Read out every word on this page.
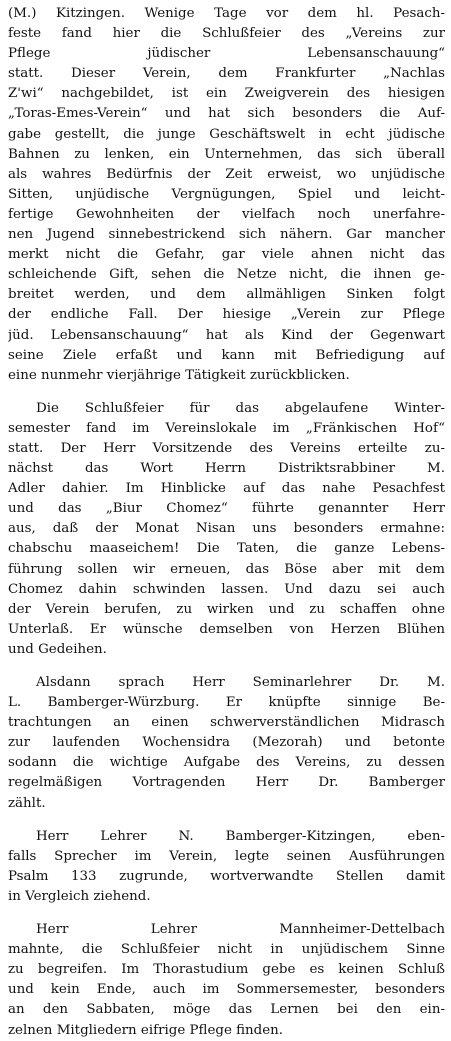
(M.) Kitzingen. Wenige Tage vor dem hl. Pesach-
feste fand hier die Schlußfeier des „Vereins zur
Pflege jüdischer Lebensanschauung“
statt. Dieser Verein, dem Frankfurter „Nachlas
Z'wi“ nachgebildet, ist ein Zweigverein des hiesigen
„Toras-Emes-Verein“ und hat sich besonders die Auf-
gabe gestellt, die junge Geschäftswelt in echt jüdische
Bahnen zu lenken, ein Unternehmen, das sich überall
als wahres Bedürfnis der Zeit erweist, wo unjüdische
Sitten, unjüdische Vergnügungen, Spiel und leicht-
fertige Gewohnheiten der vielfach noch unerfahre-
nen Jugend sinnebestrickend sich nähern. Gar mancher
merkt nicht die Gefahr, gar viele ahnen nicht das
schleichende Gift, sehen die Netze nicht, die ihnen ge-
breitet werden, und dem allmähligen Sinken folgt
der endliche Fall. Der hiesige „Verein zur Pflege
jüd. Lebensanschauung“ hat als Kind der Gegenwart
seine Ziele erfaßt und kann mit Befriedigung auf
eine nunmehr vierjährige Tätigkeit zurückblicken.
Die Schlußfeier für das abgelaufene Winter-
semester fand im Vereinslokale im „Fränkischen Hof“
statt. Der Herr Vorsitzende des Vereins erteilte zu-
nächst das Wort Herrn Distriktsrabbiner M.
Adler dahier. Im Hinblicke auf das nahe Pesachfest
und das „Biur Chomez“ führte genannter Herr
aus, daß der Monat Nisan uns besonders ermahne:
chabschu maaseichem! Die Taten, die ganze Lebens-
führung sollen wir erneuen, das Böse aber mit dem
Chomez dahin schwinden lassen. Und dazu sei auch
der Verein berufen, zu wirken und zu schaffen ohne
Unterlaß. Er wünsche demselben von Herzen Blühen
und Gedeihen.
Alsdann sprach Herr Seminarlehrer Dr. M.
L. Bamberger-Würzburg. Er knüpfte sinnige Be-
trachtungen an einen schwerverständlichen Midrasch
zur laufenden Wochensidra (Mezorah) und betonte
sodann die wichtige Aufgabe des Vereins, zu dessen
regelmäßigen Vortragenden Herr Dr. Bamberger
zählt.
Herr Lehrer N. Bamberger-Kitzingen, eben-
falls Sprecher im Verein, legte seinen Ausführungen
Psalm 133 zugrunde, wortverwandte Stellen damit
in Vergleich ziehend.
Herr Lehrer Mannheimer-Dettelbach
mahnte, die Schlußfeier nicht in unjüdischem Sinne
zu begreifen. Im Thorastudium gebe es keinen Schluß
und kein Ende, auch im Sommersemester, besonders
an den Sabbaten, möge das Lernen bei den ein-
zelnen Mitgliedern eifrige Pflege finden.
